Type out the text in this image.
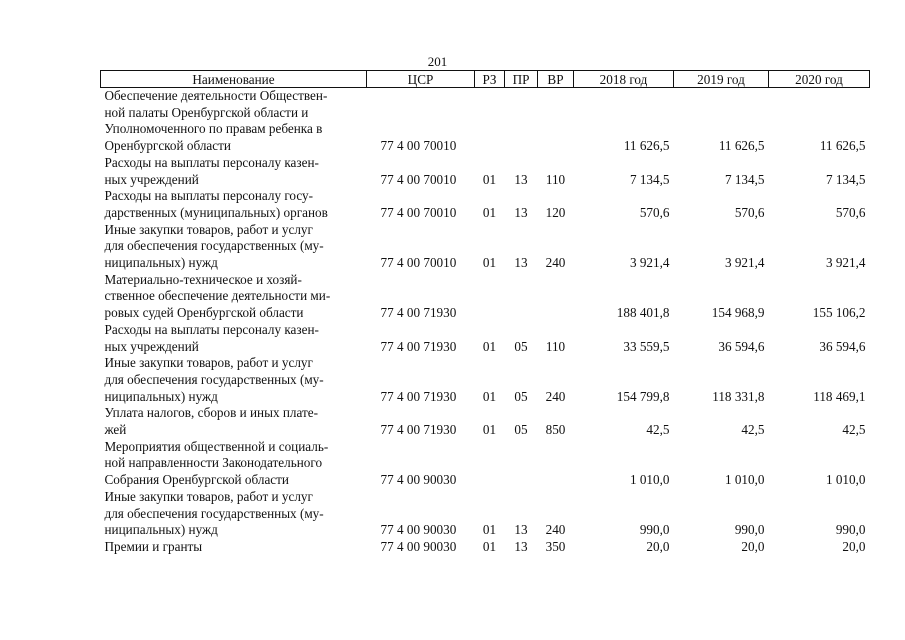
201
Наименование	ЦСР	РЗ	ПР	ВР	2018 год	2019 год	2020 год
Обеспечение деятельности Обществен-
ной палаты Оренбургской области и
Уполномоченного по правам ребенка в
Оренбургской области	77 4 00 70010				11 626,5	11 626,5	11 626,5
Расходы на выплаты персоналу казен-
ных учреждений	77 4 00 70010	01	13	110	7 134,5	7 134,5	7 134,5
Расходы на выплаты персоналу госу-
дарственных (муниципальных) органов	77 4 00 70010	01	13	120	570,6	570,6	570,6
Иные закупки товаров, работ и услуг
для обеспечения государственных (му-
ниципальных) нужд	77 4 00 70010	01	13	240	3 921,4	3 921,4	3 921,4
Материально-техническое и хозяй-
ственное обеспечение деятельности ми-
ровых судей Оренбургской области	77 4 00 71930				188 401,8	154 968,9	155 106,2
Расходы на выплаты персоналу казен-
ных учреждений	77 4 00 71930	01	05	110	33 559,5	36 594,6	36 594,6
Иные закупки товаров, работ и услуг
для обеспечения государственных (му-
ниципальных) нужд	77 4 00 71930	01	05	240	154 799,8	118 331,8	118 469,1
Уплата налогов, сборов и иных плате-
жей	77 4 00 71930	01	05	850	42,5	42,5	42,5
Мероприятия общественной и социаль-
ной направленности Законодательного
Собрания Оренбургской области	77 4 00 90030				1 010,0	1 010,0	1 010,0
Иные закупки товаров, работ и услуг
для обеспечения государственных (му-
ниципальных) нужд	77 4 00 90030	01	13	240	990,0	990,0	990,0
Премии и гранты	77 4 00 90030	01	13	350	20,0	20,0	20,0
